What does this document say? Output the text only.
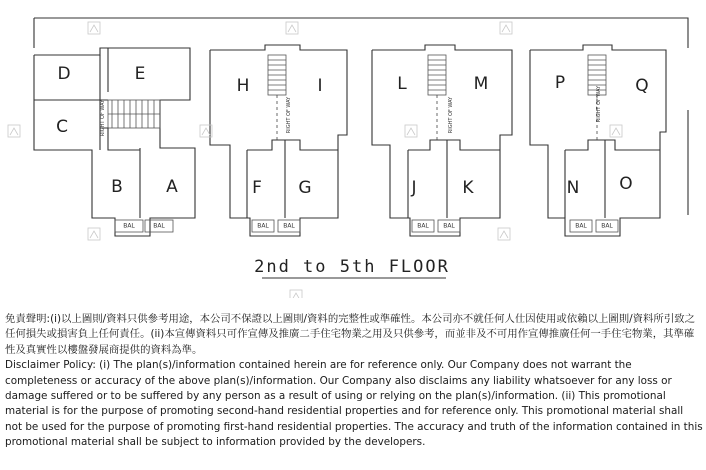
RIGHT OF WAY
D	E
C
B	A
BAL	BAL
RIGHT OF WAY
H	I
F G
BAL BAL
RIGHT OF WAY
L	M
J	K
BAL BAL
RIGHT OF WAY
P	Q
N O
BAL BAL
2nd to 5th FLOOR

免責聲明:(i)以上圖則/資料只供參考用途，本公司不保證以上圖則/資料的完整性或準確性。本公司亦不就任何人仕因使用或依賴以上圖則/資料所引致之任何損失或損害負上任何責任。(ii)本宣傳資料只可作宣傳及推廣二手住宅物業之用及只供參考，而並非及不可用作宣傳推廣任何一手住宅物業，其準確性及真實性以樓盤發展商提供的資料為準。

Disclaimer Policy: (i) The plan(s)/information contained herein are for reference only. Our Company does not warrant the completeness or accuracy of the above plan(s)/information. Our Company also disclaims any liability whatsoever for any loss or damage suffered or to be suffered by any person as a result of using or relying on the plan(s)/information. (ii) This promotional material is for the purpose of promoting second-hand residential properties and for reference only. This promotional material shall not be used for the purpose of promoting first-hand residential properties. The accuracy and truth of the information contained in this promotional material shall be subject to information provided by the developers.
